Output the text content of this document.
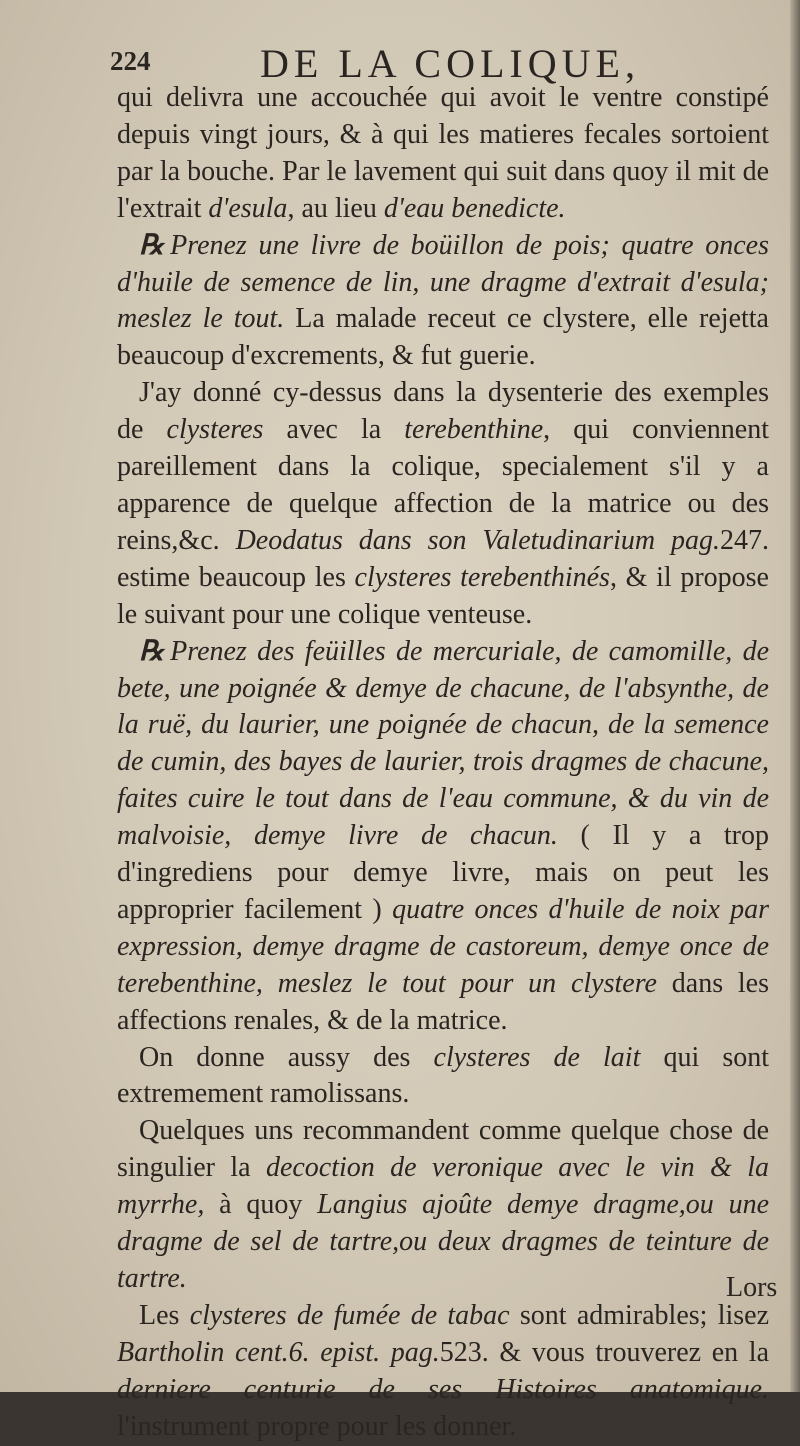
224	DE LA COLIQUE,

qui delivra une accouchée qui avoit le ventre constipé depuis vingt jours, & à qui les matieres fecales sortoient par la bouche. Par le lavement qui suit dans quoy il mit de l'extrait d'esula, au lieu d'eau benedicte.

℞ Prenez une livre de boüillon de pois; quatre onces d'huile de semence de lin, une dragme d'extrait d'esula; meslez le tout. La malade receut ce clystere, elle rejetta beaucoup d'excrements, & fut guerie.

J'ay donné cy-dessus dans la dysenterie des exemples de clysteres avec la terebenthine, qui conviennent pareillement dans la colique, specialement s'il y a apparence de quelque affection de la matrice ou des reins,&c. Deodatus dans son Valetudinarium pag.247. estime beaucoup les clysteres terebenthinés, & il propose le suivant pour une colique venteuse.

℞ Prenez des feüilles de mercuriale, de camomille, de bete, une poignée & demye de chacune, de l'absynthe, de la ruë, du laurier, une poignée de chacun, de la semence de cumin, des bayes de laurier, trois dragmes de chacune, faites cuire le tout dans de l'eau commune, & du vin de malvoisie, demye livre de chacun. ( Il y a trop d'ingrediens pour demye livre, mais on peut les approprier facilement ) quatre onces d'huile de noix par expression, demye dragme de castoreum, demye once de terebenthine, meslez le tout pour un clystere dans les affections renales, & de la matrice.

On donne aussy des clysteres de lait qui sont extremement ramolissans.

Quelques uns recommandent comme quelque chose de singulier la decoction de veronique avec le vin & la myrrhe, à quoy Langius ajoûte demye dragme,ou une dragme de sel de tartre,ou deux dragmes de teinture de tartre.

Les clysteres de fumée de tabac sont admirables; lisez Bartholin cent.6. epist. pag.523. & vous trouverez en la derniere centurie de ses Histoires anatomique. l'instrument propre pour les donner.

Lors
